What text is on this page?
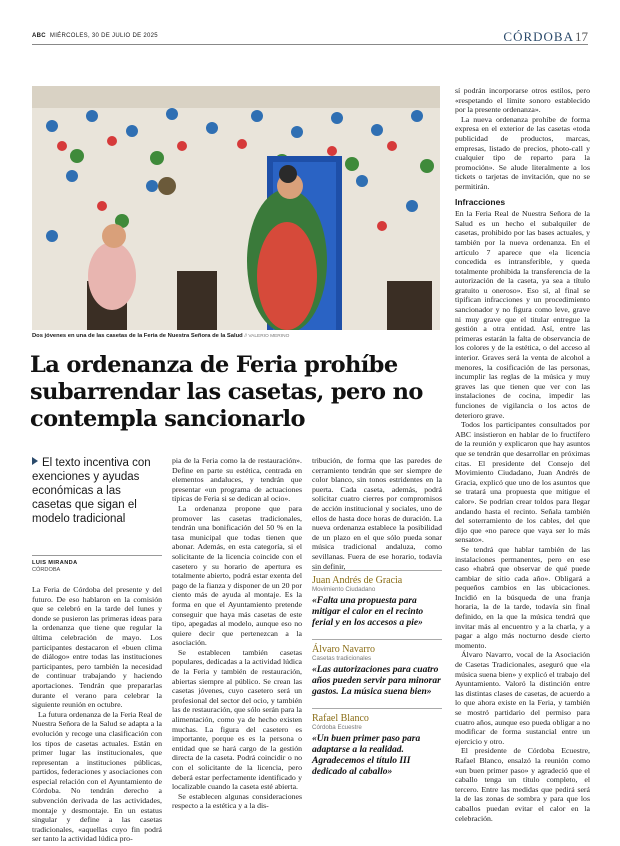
ABC MIÉRCOLES, 30 DE JULIO DE 2025	CÓRDOBA 17
Dos jóvenes en una de las casetas de la Feria de Nuestra Señora de la Salud // VALERIO MERINO
La ordenanza de Feria prohíbe subarrendar las casetas, pero no contempla sancionarlo
El texto incentiva con exenciones y ayudas económicas a las casetas que sigan el modelo tradicional
LUIS MIRANDA
CÓRDOBA

La Feria de Córdoba del presente y del futuro. De eso hablaron en la comisión que se celebró en la tarde del lunes y donde se pusieron las primeras ideas para la ordenanza que tiene que regular la última celebración de mayo. Los participantes destacaron el «buen clima de diálogo» entre todas las instituciones participantes, pero también la necesidad de continuar trabajando y haciendo aportaciones. Tendrán que prepararlas durante el verano para celebrar la siguiente reunión en octubre.

La futura ordenanza de la Feria Real de Nuestra Señora de la Salud se adapta a la evolución y recoge una clasificación con los tipos de casetas actuales. Están en primer lugar las institucionales, que representan a instituciones públicas, partidos, federaciones y asociaciones con especial relación con el Ayuntamiento de Córdoba. No tendrán derecho a subvención derivada de las actividades, montaje y desmontaje. En un estatus singular y define a las casetas tradicionales, «aquellas cuyo fin podrá ser tanto la actividad lúdica pro-

pia de la Feria como la de restauración». Define en parte su estética, centrada en elementos andaluces, y tendrán que presentar «un programa de actuaciones típicas de Feria si se dedican al ocio».

La ordenanza propone que para promover las casetas tradicionales, tendrán una bonificación del 50 % en la tasa municipal que todas tienen que abonar. Además, en esta categoría, si el solicitante de la licencia coincide con el casetero y su horario de apertura es totalmente abierto, podrá estar exenta del pago de la fianza y disponer de un 20 por ciento más de ayuda al montaje. Es la forma en que el Ayuntamiento pretende conseguir que haya más casetas de este tipo, apegadas al modelo, aunque eso no quiere decir que pertenezcan a la asociación.

Se establecen también casetas populares, dedicadas a la actividad lúdica de la Feria y también de restauración, abiertas siempre al público. Se crean las casetas jóvenes, cuyo casetero será un profesional del sector del ocio, y también las de restauración, que sólo serán para la alimentación, como ya de hecho existen muchas. La figura del casetero es importante, porque es es la persona o entidad que se hará cargo de la gestión directa de la caseta. Podrá coincidir o no con el solicitante de la licencia, pero deberá estar perfectamente identificado y localizable cuando la caseta esté abierta.

Se establecen algunas consideraciones respecto a la estética y a la dis-

tribución, de forma que las paredes de cerramiento tendrán que ser siempre de color blanco, sin tonos estridentes en la puerta. Cada caseta, además, podrá solicitar cuatro cierres por compromisos de acción institucional y sociales, uno de ellos de hasta doce horas de duración. La nueva ordenanza establece la posibilidad de un plazo en el que sólo pueda sonar música tradicional andaluza, como sevillanas. Fuera de ese horario, todavía sin definir,

Juan Andrés de Gracia
Movimiento Ciudadano
«Falta una propuesta para mitigar el calor en el recinto ferial y en los accesos a pie»
Álvaro Navarro
Casetas tradicionales
«Las autorizaciones para cuatro años pueden servir para minorar gastos. La música suena bien»
Rafael Blanco
Córdoba Ecuestre
«Un buen primer paso para adaptarse a la realidad. Agradecemos el título III dedicado al caballo»

sí podrán incorporarse otros estilos, pero «respetando el límite sonoro establecido por la presente ordenanza».

La nueva ordenanza prohíbe de forma expresa en el exterior de las casetas «toda publicidad de productos, marcas, empresas, listado de precios, photo-call y cualquier tipo de reparto para la promoción». Se alude literalmente a los tickets o tarjetas de invitación, que no se permitirán.

Infracciones

En la Feria Real de Nuestra Señora de la Salud es un hecho el subalquiler de casetas, prohibido por las bases actuales, y también por la nueva ordenanza. En el artículo 7 aparece que «la licencia concedida es intransferible, y queda totalmente prohibida la transferencia de la autorización de la caseta, ya sea a título gratuito u oneroso». Eso sí, al final se tipifican infracciones y un procedimiento sancionador y no figura como leve, grave ni muy grave que el titular entregue la gestión a otra entidad. Así, entre las primeras estarán la falta de observancia de los colores y de la estética, o del acceso al interior. Graves será la venta de alcohol a menores, la cosificación de las personas, incumplir las reglas de la música y muy graves las que tienen que ver con las instalaciones de cocina, impedir las funciones de vigilancia o los actos de deterioro grave.

Todos los participantes consultados por ABC insistieron en hablar de lo fructífero de la reunión y explicaron que hay asuntos que se tendrán que desarrollar en próximas citas. El presidente del Consejo del Movimiento Ciudadano, Juan Andrés de Gracia, explicó que uno de los asuntos que se tratará una propuesta que mitigue el calor». Se podrían crear toldos para llegar andando hasta el recinto. Señala también del soterramiento de los cables, del que dijo que «no parece que vaya ser lo más sensato».

Se tendrá que hablar también de las instalaciones permanentes, pero en ese caso «habrá que observar de qué puede cambiar de sitio cada año». Obligará a pequeños cambios en las ubicaciones. Incidió en la búsqueda de una franja horaria, la de la tarde, todavía sin final definido, en la que la música tendrá que invitar más al encuentro y a la charla, y a pagar a algo más nocturno desde cierto momento.

Álvaro Navarro, vocal de la Asociación de Casetas Tradicionales, aseguró que «la música suena bien» y explicó el trabajo del Ayuntamiento. Valoró la distinción entre las distintas clases de casetas, de acuerdo a lo que ahora existe en la Feria, y también se mostró partidario del permiso para cuatro años, aunque eso pueda obligar a no modificar de forma sustancial entre un ejercicio y otro.

El presidente de Córdoba Ecuestre, Rafael Blanco, ensalzó la reunión como «un buen primer paso» y agradeció que el caballo tenga un título completo, el tercero. Entre las medidas que pedirá será la de las zonas de sombra y para que los caballos puedan evitar el calor en la celebración.
